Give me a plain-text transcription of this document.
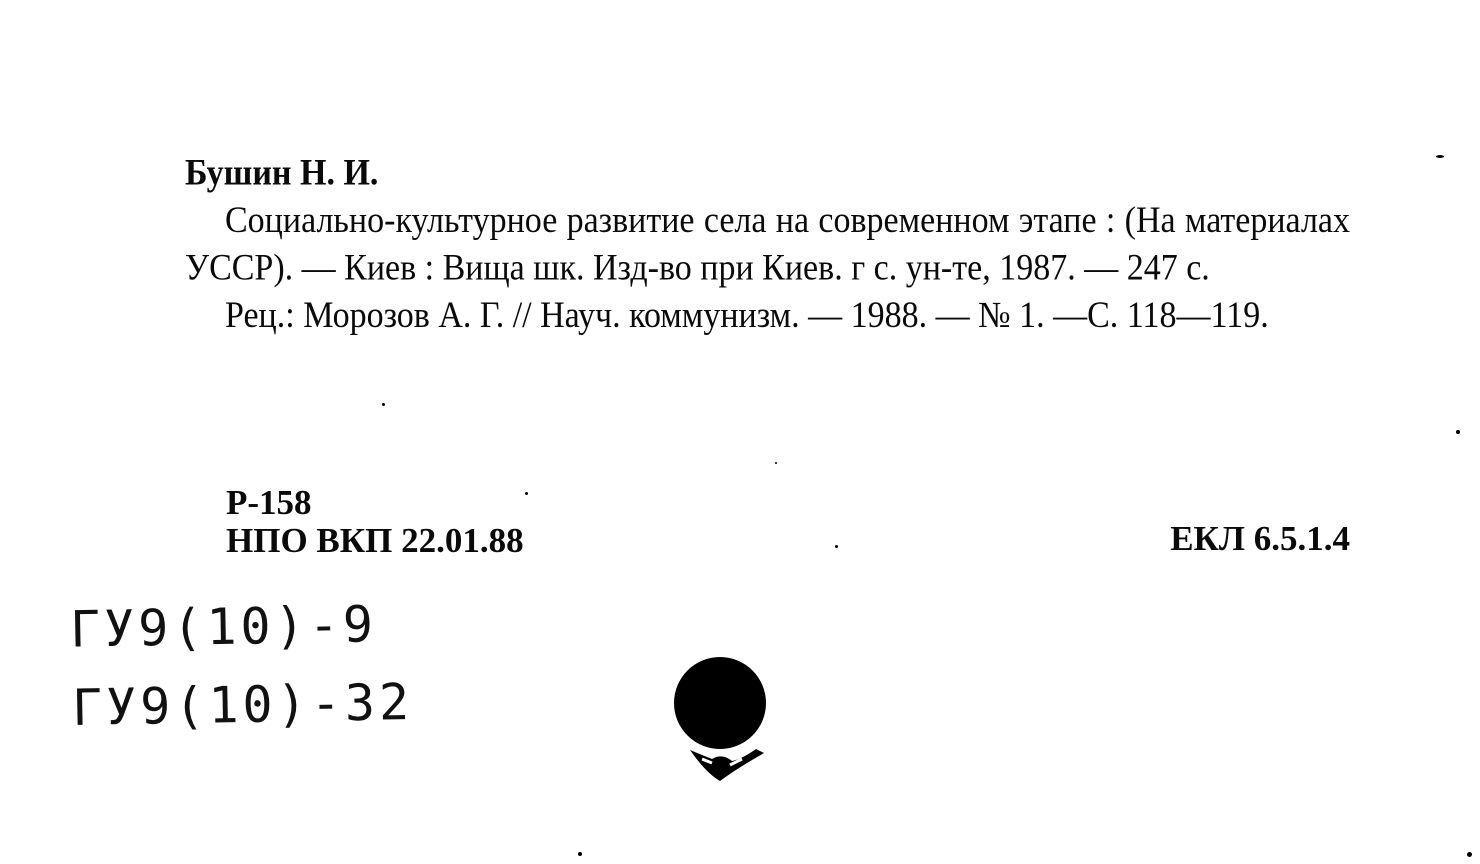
Бушин Н. И.

Социально-культурное развитие села на современном этапе : (На материалах УССР). — Киев : Вища шк. Изд-во при Киев. г с. ун-те, 1987. — 247 с.

Рец.: Морозов А. Г. // Науч. коммунизм. — 1988. — № 1. —С. 118—119.

Р-158
НПО ВКП 22.01.88	ЕКЛ 6.5.1.4
ГУ9(10)-9
ГУ9(10)-32
